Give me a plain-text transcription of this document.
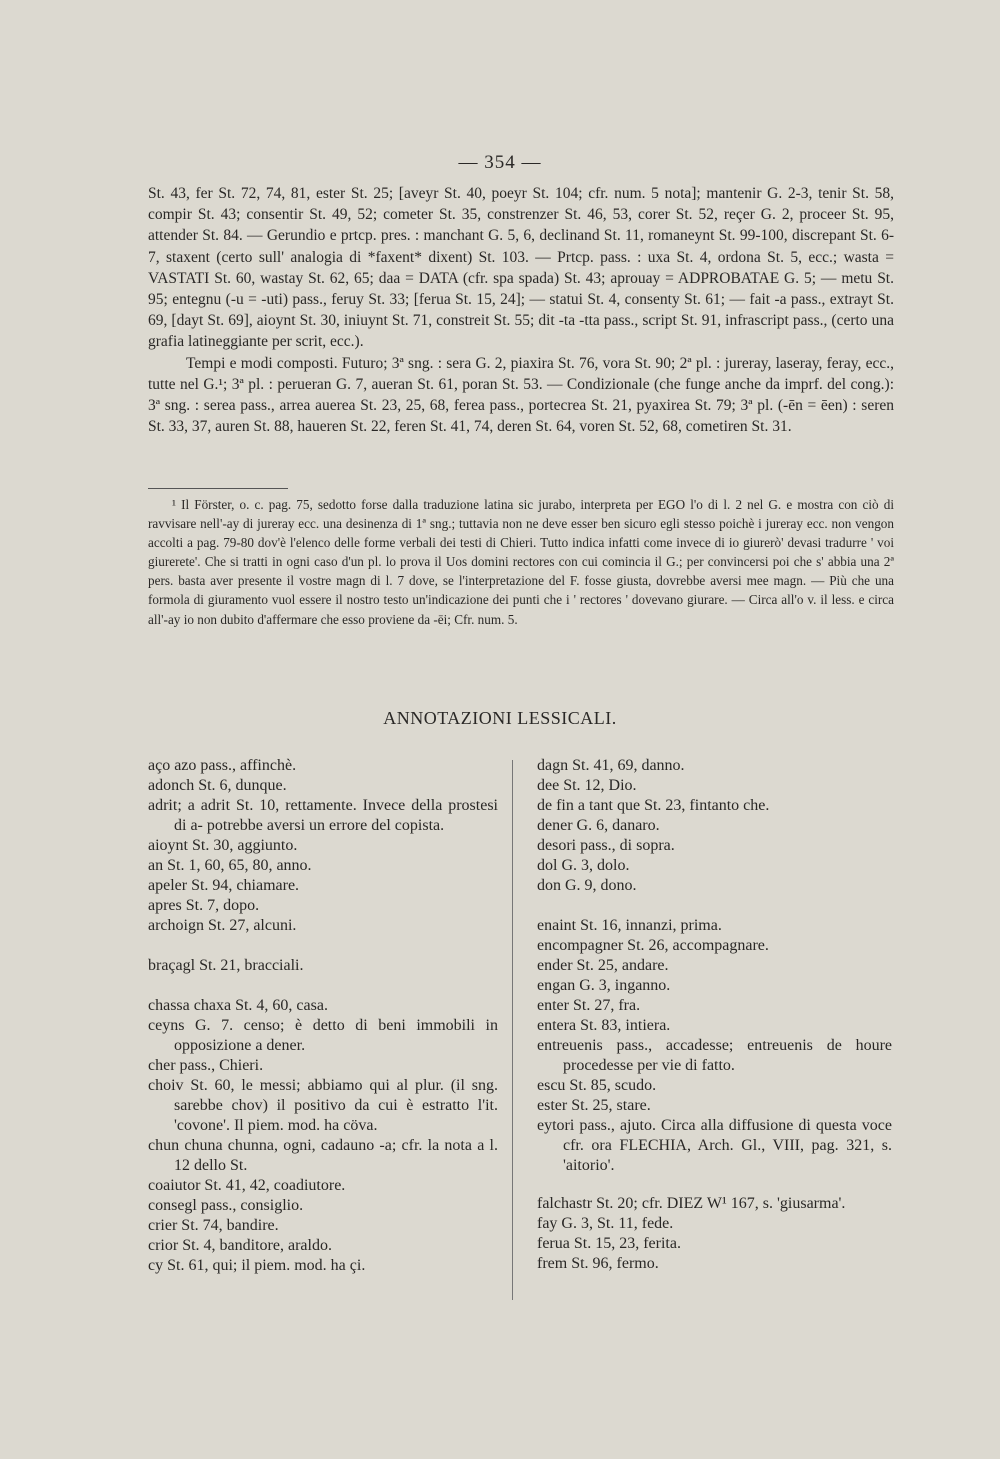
— 354 —

St. 43, fer St. 72, 74, 81, ester St. 25; [aveyr St. 40, poeyr St. 104; cfr. num. 5 nota]; mantenir G. 2-3, tenir St. 58, compir St. 43; consentir St. 49, 52; cometer St. 35, constrenzer St. 46, 53, corer St. 52, reçer G. 2, proceer St. 95, attender St. 84. — Gerundio e prtcp. pres. : manchant G. 5, 6, declinand St. 11, romaneynt St. 99-100, discrepant St. 6-7, staxent (certo sull' analogia di *faxent* dixent) St. 103. — Prtcp. pass. : uxa St. 4, ordona St. 5, ecc.; wasta = VASTATI St. 60, wastay St. 62, 65; daa = DATA (cfr. spa spada) St. 43; aprouay = ADPROBATAE G. 5; — metu St. 95; entegnu (-u = -uti) pass., feruy St. 33; [ferua St. 15, 24]; — statui St. 4, consenty St. 61; — fait -a pass., extrayt St. 69, [dayt St. 69], aioynt St. 30, iniuynt St. 71, constreit St. 55; dit -ta -tta pass., script St. 91, infrascript pass., (certo una grafia latineggiante per scrit, ecc.).

Tempi e modi composti. Futuro; 3ª sng. : sera G. 2, piaxira St. 76, vora St. 90; 2ª pl. : jureray, laseray, feray, ecc., tutte nel G.¹; 3ª pl. : perueran G. 7, aueran St. 61, poran St. 53. — Condizionale (che funge anche da imprf. del cong.): 3ª sng. : serea pass., arrea auerea St. 23, 25, 68, ferea pass., portecrea St. 21, pyaxirea St. 79; 3ª pl. (-ēn = ēen) : seren St. 33, 37, auren St. 88, haueren St. 22, feren St. 41, 74, deren St. 64, voren St. 52, 68, cometiren St. 31.

¹ Il Förster, o. c. pag. 75, sedotto forse dalla traduzione latina sic jurabo, interpreta per EGO l'o di l. 2 nel G. e mostra con ciò di ravvisare nell'-ay di jureray ecc. una desinenza di 1ª sng.; tuttavia non ne deve esser ben sicuro egli stesso poichè i jureray ecc. non vengon accolti a pag. 79-80 dov'è l'elenco delle forme verbali dei testi di Chieri. Tutto indica infatti come invece di io giurerò' devasi tradurre ' voi giurerete'. Che si tratti in ogni caso d'un pl. lo prova il Uos domini rectores con cui comincia il G.; per convincersi poi che s' abbia una 2ª pers. basta aver presente il vostre magn di l. 7 dove, se l'interpretazione del F. fosse giusta, dovrebbe aversi mee magn. — Più che una formola di giuramento vuol essere il nostro testo un'indicazione dei punti che i ' rectores ' dovevano giurare. — Circa all'o v. il less. e circa all'-ay io non dubito d'affermare che esso proviene da -ēi; Cfr. num. 5.

ANNOTAZIONI LESSICALI.

aço azo pass., affinchè.

adonch St. 6, dunque.

adrit; a adrit St. 10, rettamente. Invece della prostesi di a- potrebbe aversi un errore del copista.

aioynt St. 30, aggiunto.

an St. 1, 60, 65, 80, anno.

apeler St. 94, chiamare.

apres St. 7, dopo.

archoign St. 27, alcuni.

braçagl St. 21, bracciali.

chassa chaxa St. 4, 60, casa.

ceyns G. 7. censo; è detto di beni immobili in opposizione a dener.

cher pass., Chieri.

choiv St. 60, le messi; abbiamo qui al plur. (il sng. sarebbe chov) il positivo da cui è estratto l'it. 'covone'. Il piem. mod. ha cöva.

chun chuna chunna, ogni, cadauno -a; cfr. la nota a l. 12 dello St.

coaiutor St. 41, 42, coadiutore.

consegl pass., consiglio.

crier St. 74, bandire.

crior St. 4, banditore, araldo.

cy St. 61, qui; il piem. mod. ha çi.

dagn St. 41, 69, danno.

dee St. 12, Dio.

de fin a tant que St. 23, fintanto che.

dener G. 6, danaro.

desori pass., di sopra.

dol G. 3, dolo.

don G. 9, dono.

enaint St. 16, innanzi, prima.

encompagner St. 26, accompagnare.

ender St. 25, andare.

engan G. 3, inganno.

enter St. 27, fra.

entera St. 83, intiera.

entreuenis pass., accadesse; entreuenis de houre procedesse per vie di fatto.

escu St. 85, scudo.

ester St. 25, stare.

eytori pass., ajuto. Circa alla diffusione di questa voce cfr. ora FLECHIA, Arch. Gl., VIII, pag. 321, s. 'aitorio'.

falchastr St. 20; cfr. DIEZ W¹ 167, s. 'giusarma'.

fay G. 3, St. 11, fede.

ferua St. 15, 23, ferita.

frem St. 96, fermo.
